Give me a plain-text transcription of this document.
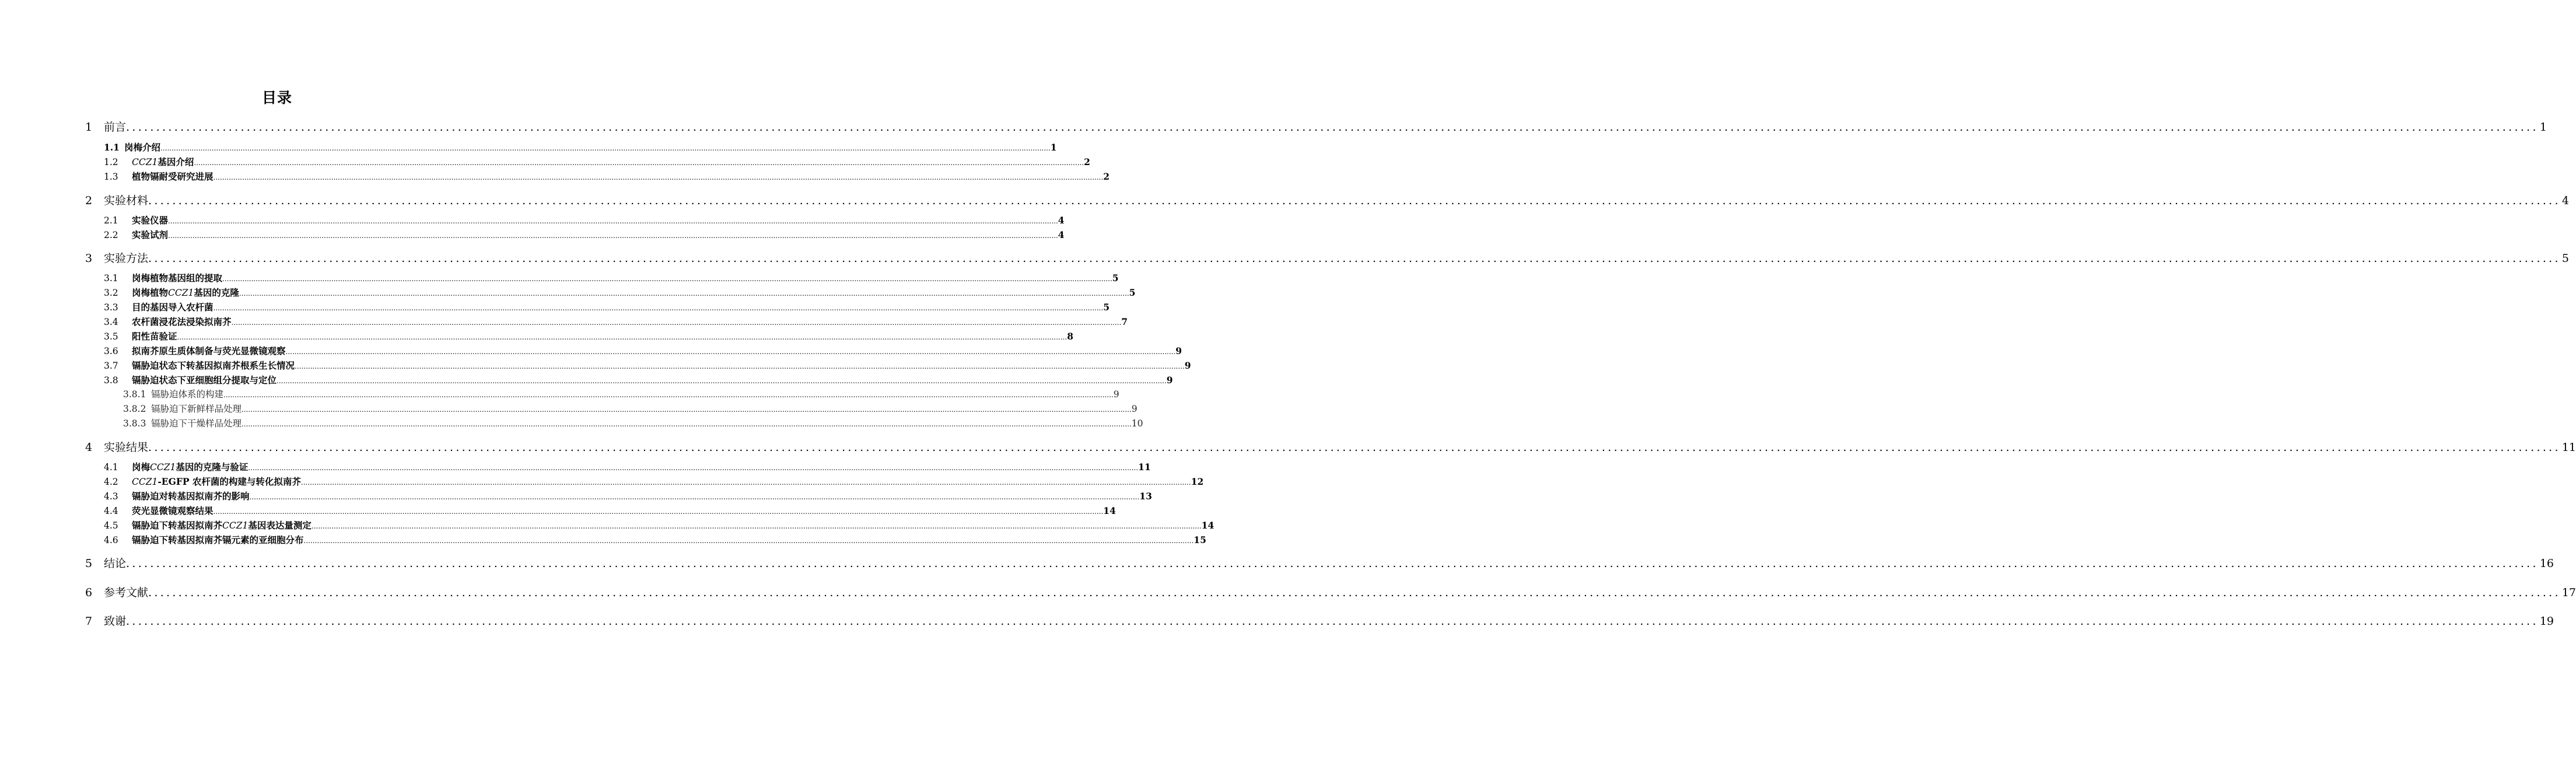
目录
1	前言 ................................................................................................................................................................................................................................................................................................................................................................................................................ 1
1.1 岗梅介绍 ................................................................................................................................................................................................................................................................................................................................................................................................................ 1
1.2	CCZ1基因介绍 ................................................................................................................................................................................................................................................................................................................................................................................................................ 2
1.3	植物镉耐受研究进展 ................................................................................................................................................................................................................................................................................................................................................................................................................ 2
2	实验材料 ................................................................................................................................................................................................................................................................................................................................................................................................................ 4
2.1	实验仪器 ................................................................................................................................................................................................................................................................................................................................................................................................................ 4
2.2	实验试剂 ................................................................................................................................................................................................................................................................................................................................................................................................................ 4
3	实验方法 ................................................................................................................................................................................................................................................................................................................................................................................................................ 5
3.1	岗梅植物基因组的提取 ................................................................................................................................................................................................................................................................................................................................................................................................................ 5
3.2	岗梅植物CCZ1基因的克隆 ................................................................................................................................................................................................................................................................................................................................................................................................................ 5
3.3	目的基因导入农杆菌 ................................................................................................................................................................................................................................................................................................................................................................................................................ 5
3.4	农杆菌浸花法浸染拟南芥 ................................................................................................................................................................................................................................................................................................................................................................................................................ 7
3.5	阳性苗验证 ................................................................................................................................................................................................................................................................................................................................................................................................................ 8
3.6	拟南芥原生质体制备与荧光显微镜观察 ................................................................................................................................................................................................................................................................................................................................................................................................................ 9
3.7	镉胁迫状态下转基因拟南芥根系生长情况 ................................................................................................................................................................................................................................................................................................................................................................................................................ 9
3.8	镉胁迫状态下亚细胞组分提取与定位 ................................................................................................................................................................................................................................................................................................................................................................................................................ 9
3.8.1 镉胁迫体系的构建 ................................................................................................................................................................................................................................................................................................................................................................................................................ 9
3.8.2 镉胁迫下新鲜样品处理 ................................................................................................................................................................................................................................................................................................................................................................................................................ 9
3.8.3 镉胁迫下干燥样品处理 ................................................................................................................................................................................................................................................................................................................................................................................................................ 10
4	实验结果 ................................................................................................................................................................................................................................................................................................................................................................................................................ 11
4.1	岗梅CCZ1基因的克隆与验证 ................................................................................................................................................................................................................................................................................................................................................................................................................ 11
4.2	CCZ1-EGFP 农杆菌的构建与转化拟南芥 ................................................................................................................................................................................................................................................................................................................................................................................................................ 12
4.3	镉胁迫对转基因拟南芥的影响 ................................................................................................................................................................................................................................................................................................................................................................................................................ 13
4.4	荧光显微镜观察结果 ................................................................................................................................................................................................................................................................................................................................................................................................................ 14
4.5	镉胁迫下转基因拟南芥CCZ1基因表达量测定 ................................................................................................................................................................................................................................................................................................................................................................................................................ 14
4.6	镉胁迫下转基因拟南芥镉元素的亚细胞分布 ................................................................................................................................................................................................................................................................................................................................................................................................................ 15
5	结论 ................................................................................................................................................................................................................................................................................................................................................................................................................ 16
6	参考文献 ................................................................................................................................................................................................................................................................................................................................................................................................................ 17
7	致谢 ................................................................................................................................................................................................................................................................................................................................................................................................................ 19
